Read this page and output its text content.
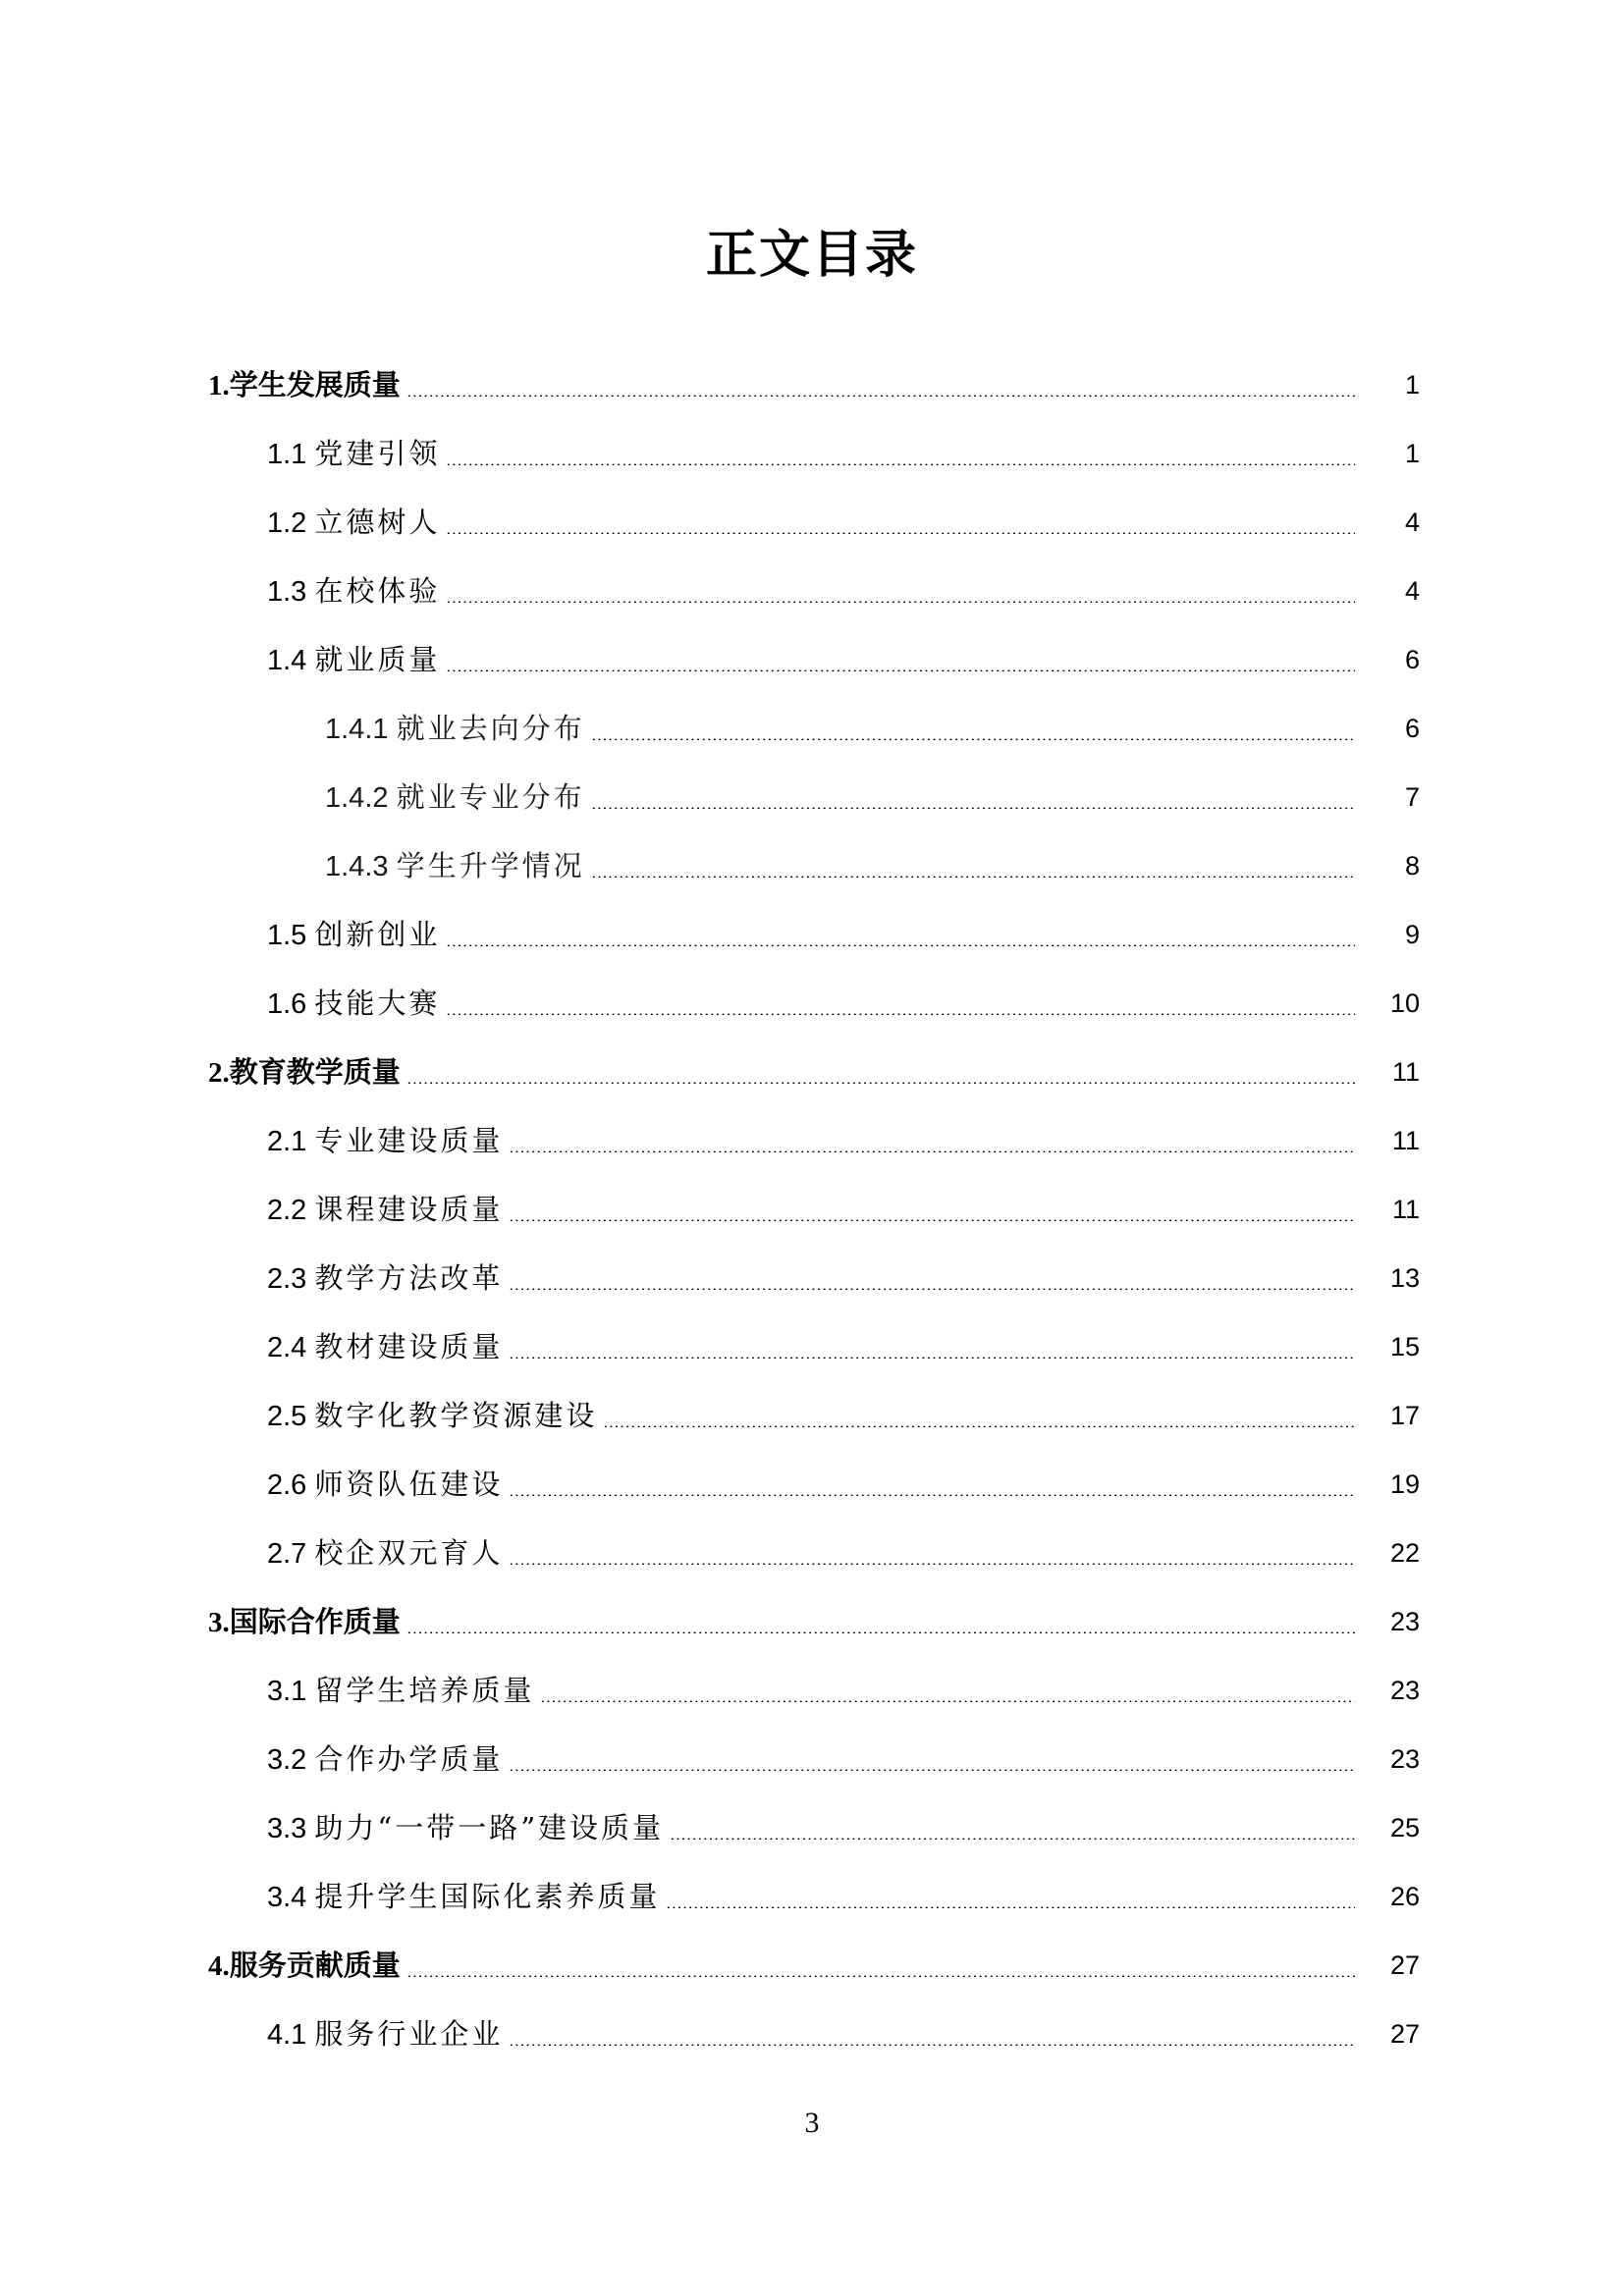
正文目录
1.学生发展质量	1
1.1 党建引领	1
1.2 立德树人	4
1.3 在校体验	4
1.4 就业质量	6
1.4.1 就业去向分布	6
1.4.2 就业专业分布	7
1.4.3 学生升学情况	8
1.5 创新创业	9
1.6 技能大赛	10
2.教育教学质量	11
2.1 专业建设质量	11
2.2 课程建设质量	11
2.3 教学方法改革	13
2.4 教材建设质量	15
2.5 数字化教学资源建设	17
2.6 师资队伍建设	19
2.7 校企双元育人	22
3.国际合作质量	23
3.1 留学生培养质量	23
3.2 合作办学质量	23
3.3 助力“一带一路”建设质量	25
3.4 提升学生国际化素养质量	26
4.服务贡献质量	27
4.1 服务行业企业	27
3
